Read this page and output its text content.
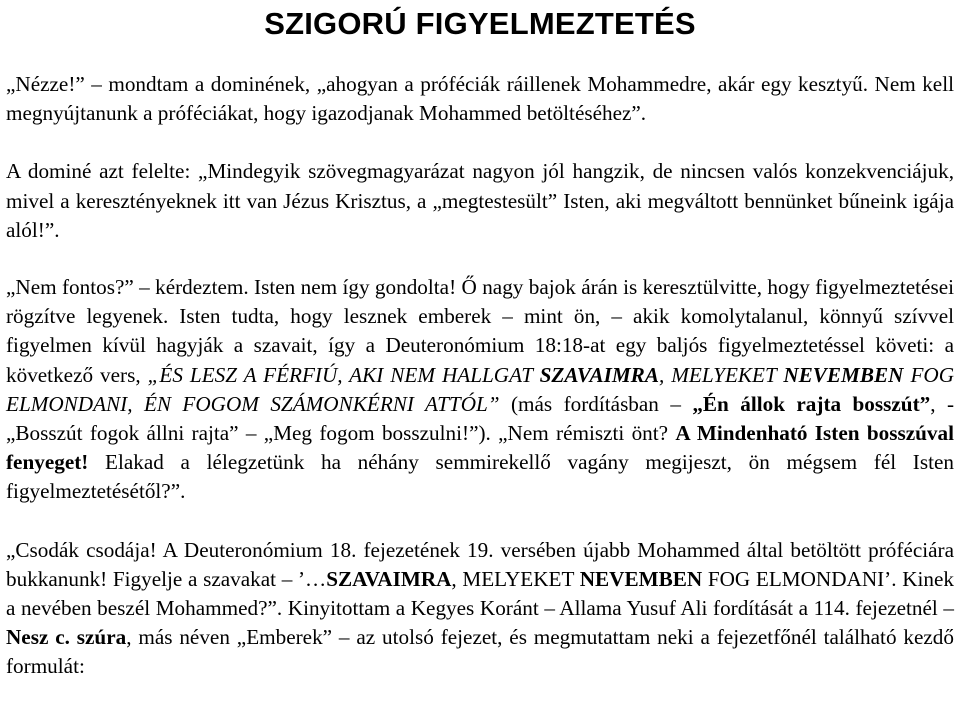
SZIGORÚ FIGYELMEZTETÉS

„Nézze!” – mondtam a dominének, „ahogyan a próféciák ráillenek Mohammedre, akár egy kesztyű. Nem kell megnyújtanunk a próféciákat, hogy igazodjanak Mohammed betöltéséhez”.

A dominé azt felelte: „Mindegyik szövegmagyarázat nagyon jól hangzik, de nincsen valós konzekvenciájuk, mivel a keresztényeknek itt van Jézus Krisztus, a „megtestesült” Isten, aki megváltott bennünket bűneink igája alól!”.

„Nem fontos?” – kérdeztem. Isten nem így gondolta! Ő nagy bajok árán is keresztülvitte, hogy figyelmeztetései rögzítve legyenek. Isten tudta, hogy lesznek emberek – mint ön, – akik komolytalanul, könnyű szívvel figyelmen kívül hagyják a szavait, így a Deuteronómium 18:18-at egy baljós figyelmeztetéssel követi: a következő vers, „ÉS LESZ A FÉRFIÚ, AKI NEM HALLGAT SZAVAIMRA, MELYEKET NEVEMBEN FOG ELMONDANI, ÉN FOGOM SZÁMONKÉRNI ATTÓL” (más fordításban – „Én állok rajta bosszút”, - „Bosszút fogok állni rajta” – „Meg fogom bosszulni!”). „Nem rémiszti önt? A Mindenható Isten bosszúval fenyeget! Elakad a lélegzetünk ha néhány semmirekellő vagány megijeszt, ön mégsem fél Isten figyelmeztetésétől?”.

„Csodák csodája! A Deuteronómium 18. fejezetének 19. versében újabb Mohammed által betöltött próféciára bukkanunk! Figyelje a szavakat – ’…SZAVAIMRA, MELYEKET NEVEMBEN FOG ELMONDANI’. Kinek a nevében beszél Mohammed?”. Kinyitottam a Kegyes Koránt – Allama Yusuf Ali fordítását a 114. fejezetnél – Nesz c. szúra, más néven „Emberek” – az utolsó fejezet, és megmutattam neki a fejezetfőnél található kezdő formulát:
